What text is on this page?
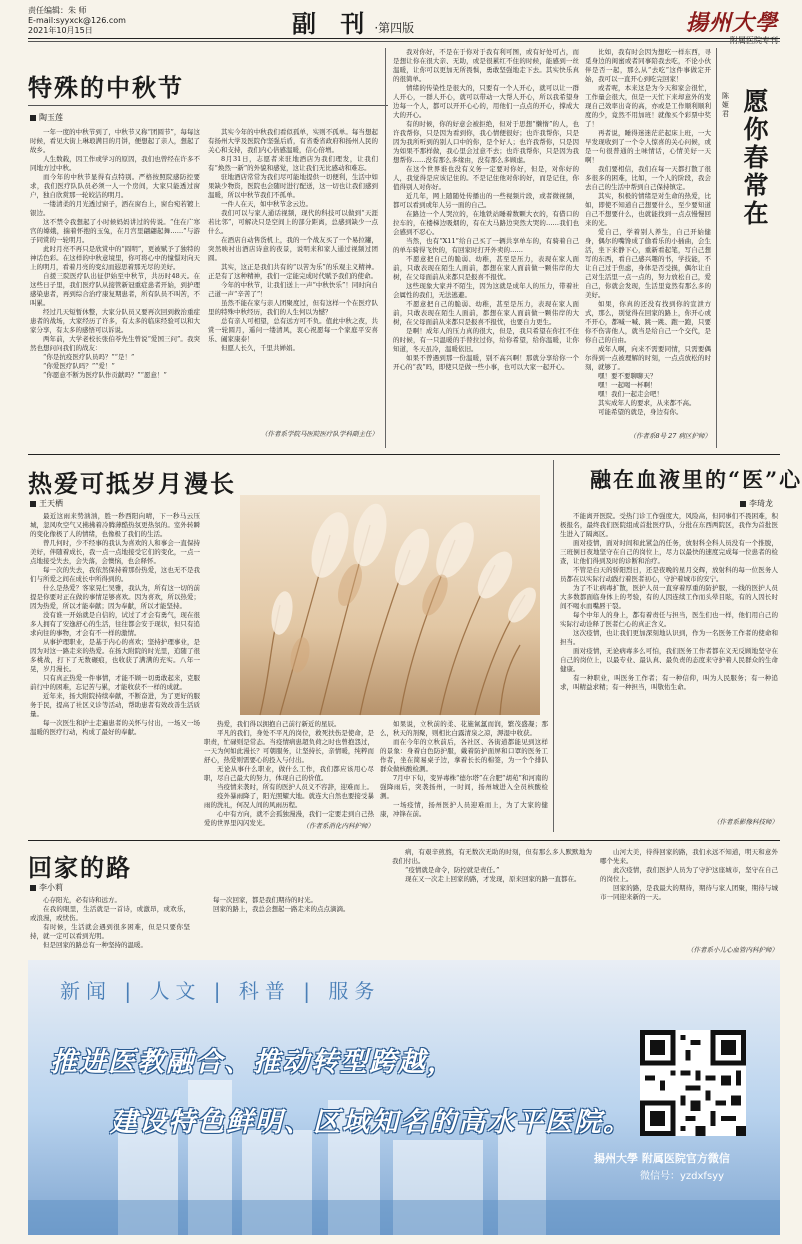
责任编辑：朱 师
E-mail:syyxck@126.com
2021年10月15日	副 刊 ·第四版	揚州大學
附属医院专刊
特殊的中秋节
陶玉莲

一年一度的中秋节到了，中秋节又称“团圆节”，每每这时候，看见大街上琳琅满目的月饼，便想起了亲人，想起了故乡。

人生数载，因工作或学习的原因，我们也曾经在许多不同地方过中秋。

而今年的中秋节显得有点特别。严格按照院感防控要求，我们医疗队队员必须一人一个房间，大家只能透过窗户，独自欣赏那一轮皎洁的明月。

一缕清柔的月光透过窗子，洒在窗台上，窗台宛若镀上银边。

这不禁令我想起了小时候妈妈讲过的传说。“住在广寒宫的嫦娥，揣着怀抱的玉兔，在月宫里翩翩起舞……”与游子同赏的一轮明月。

此时月亮不再只是欣赏中的“圆明”，更被赋予了独特的神话色彩。在这样的中秋意境里，你可将心中的憧憬对向天上的明月，看着月亮的变幻而遐思着那无尽的美好。

自援三院医疗队出征伊始至中秋节，共历时48天。在这些日子里，我们医疗队从接管新冠重症患者开始，到护理感染患者，再到综合治疗康复期患者，所有队员不叫苦，不叫累。

经过几天短暂休整，大家分队员又要再次回到救治重症患者的战场，大家经历了许多，有太多的临床经验可以和大家分享，有太多的感悟可以诉说。

两年前，大学老校长张伯苓先生曾说“爱国三问”。我突然也想问问我们的战友：

“你是抗疫医疗队员吗？”“是！”

“你爱医疗队吗？”“爱！”

“你愿意不断为医疗队作贡献吗？”“愿意！”

其实今年的中秋我们看似孤单，实则不孤单。每当想起有扬州大学及医院作坚强后盾，有省委省政府和扬州人民的关心和支持，我们内心倍感温暖，信心倍增。

8月31日，志愿者来驻地酒店为我们理发，让我们有“焕然一新”的外貌和感觉，这让我们无比感动和难忘。

驻地酒店常常为我们尽可能地提供一切便利，生活中如果缺少物资，医院也会随时进行配送，这一切也让我们感到温暖，所以中秋节我们不孤单。

一件人在天，如中秋节念云边。

我们可以与家人通话视频，现代的科技可以做到“天涯若比邻”，可解决只是空间上的部分距离，总感到缺少一点什么。

在酒店自动售货机上，我的一个战友买了一个易拉罐，突然映衬出酒店诗意的夜景，说明来和家人通过视频过团圆。

其实，这正是我们共有的“以苦为乐”的乐观主义精神。正是有了这种精神，我们一定能完成时代赋予我们的使命。

今年的中秋节，让我们送上一声“中秋快乐”！同时向自己道一声“辛苦了”！

虽然不能在家与亲人团聚度过，但有这样一个在医疗队里的特殊中秋经历，我们的人生何以为憾？

总有亲人可相望，总有远方可不负。值此中秋之夜，共赏一轮圆月，遥问一缕清风，衷心祝愿每一个家庭平安喜乐、阖家康泰！

但愿人长久，千里共婵娟。

（作者系学院马医院医疗队学科副主任）

我对你好，不是在于你对于我有利可图，或有好处可占，而是想让你在很大亲、无助，或是很累红不住的时候，能感到一丝温暖，让你可以更加无所畏惧，勇敢坚强地走下去。其实快乐真的很简单。

情绪的传染性是很大的，只要有一个人开心，就可以让一群人开心，一群人开心，就可以带动一大帮人开心，所以我希望身边每一个人，都可以开开心心的，用他们一点点的开心，撑成大大的开心。

有的时候，你的好意会被拒绝，但对于思想“懒惰”的人，也许我帮你，只是因为看到你，我心情便很好；也许我帮你，只是因为我所听到的别人口中的你，是个好人；也许我帮你，只是因为如果不那样做，我心里会过意不去；也许我帮你，只是因为我想帮你……没有那么多缘由，没有那么多顾虑。

在这个世界谁也没有义务一定要对你好，但是，对你好的人，我觉得是应该记住的。不是记住他对你的好，而是记住，你值得别人对你好。

近几年，网上随随处传播出的一些视频片段，或者微视频，都可以看到或年人另一面的自己。

在路边一个人哭泣的，在地铁站睡着数颗大衣的，有借口的拉车的，在楼梯边吸烟的，有在大马路边突然大哭的……我们也会感到不忍心。

当然，也有“X11”给自己买了一辆共享单车的，有骑着自己的单车骑得飞快的，有回家时打开外卖的……

不愿意把自己的脆弱、幼稚，甚至是压力，表现在家人面前，只敢表现在陌生人面前，都想在家人面前做一颗伟岸的大树，在父母面前从来都只是报喜不报忧。

这些现象大家并不陌生，因为这就是成年人的压力，带着社会属性的我们，无法逃避。

不愿意把自己的脆弱、幼稚，甚至是压力，表现在家人面前，只敢表现在陌生人面前，都想在家人面前做一颗伟岸的大树，在父母面前从来都只是报喜不报忧，也要自力更生。

是啊！成年人的压力真的很大，但是，我只希望在你扛不住的时候，有一只温暖的手替拉过你，给你希望，给你温暖，让你知道，冬天虽冷，温暖依旧。

如果不曾遇到那一份温暖，别不高兴啊！那就分享给你一个开心的“我”吗，即使只是做一些小事，也可以大家一起开心。

比如，我有时会因为想吃一样东西，寻觅身边的闺蜜或者同事陪我去吃，不论小伙伴是否一起，那么从“去吃”这件事做定开始，我可以一直开心到吃完回家！

或者呢，本来这是为今天和家会很忙，工作量会很大，但是一天忙下来却意外的发现自己效率出奇的高，亦或是工作顺利顺利度的少，竟然不用加班！就像买个彩票中奖了！

再者说，睡得迷迷茫茫起床上班，一大早发现收到了一个令人惊喜的关心问候，或是一句很普通的土味情话，心情美好一天啊！

我们要相信，我们在每一天都打散了很多很多的困难，比如，一个人的阶段，我会去自己的生活中帮到自己保持镇定。

其实，积极的情绪是对生命的热爱，比如，即使不知道自己想要什么，至少要知道自己不想要什么，也就能找到一点点慢慢回来的光。

爱自己，学着别人养生，自己开始健身，偶尔的嘴馋成了偷看乐的小插曲，会生活，坐下来静下心，重新看起笔，写自己想写的东西，看自己感兴趣的书，学技能，不让自己过于焦虑，身体是否受损，偶尔让自己对生活里一点一点的，努力放松自己，爱自己，你就会发现，生活里竟然有那么多的美好。

如果，你真的还没有找到你的宣泄方式，那么，别觉得在回家的路上，你开心或不开心，都喊一喊、跳一跳、跑一跑，只要你不伤害他人，就当是给自己一个交代，是你自己的自由。

成年人啊，向来不需要同情，只需要偶尔得到一点被理解的时刻，一点点放松的时刻，就够了。

嘿！要不要聊聊天？

嘿！一起喝一杯啊！

嘿！我们一起走会吧！

其实成年人的要求，从来都不高。

可能希望的就是，身边有你。

（作者系8号 27 病区护师）
愿你春常在
陈姬君
热爱可抵岁月漫长
王天栖

最近这雨来势汹汹，胜一秒西阳向晴，下一秒马云压城，忽风吹空气又拂拂着冷腾薄酷热氛更热氛的。室外转瞬的变化像极了人的情绪，也像极了我们的生活。

曾几何时，少不经事的我认为喜欢的人和事会一直保持美好，伴随着成长，我一点一点地接受它们的变化，一点一点地接受失去，会失落，会懊恼，也会释怀。

每一次的失去，我依然保持着那份热爱，这也无不是我们与所爱之间在成长中所得到的。

什么是热爱？客家晃仁吴雅，我认为，所有这一切的前提是你要对正在做的事情足够喜欢。因为喜欢，所以热爱；因为热爱，所以才能奉献；因为奉献，所以才能坚持。

没有谁一开始就是自信的，试过了才会有勇气，现在很多人拥有了安逸舒心的生活，往往都会安于现状，但只有追求向往的事物，才会有不一样的激情。

从事护理职业，是基于内心的喜欢；坚持护理事业，是因为对这一路走来的热爱。在扬大附院的时光里，追随了很多桃战，打下了无数碾痕，也收获了满满的充实。八年一晃，岁月漫长。

只有真正热爱一件事情，才能不顾一切勇敢起来，克服前行中的困难，忘记苦与累，才能收获不一样的成就。

近年来，扬大附院持续奉献，不断奋进，为了更好的服务于民，提高了社区义诊等活动，帮助患者有效改善生活质量。

每一次医生和护士走遍患者的关怀与付出，一场又一场温暖的医疗行动，构成了最好的奉献。

热爱，我们得以拥抱自己前行新近的星辰。

平凡的我们，身处不平凡的岗位，救死扶伤是使命，是职责，忙碌则是常态。当疫情病患超负荷之时也曾抱怨过，一天为何如此漫长？可朝服务，让坚持长，亲情暖，纯粹而舒心，热爱则需要心的投入与付出。

无论从事什么职业，做什么工作，我们都应该用心尽职，尽自己最大的努力，体现自己的价值。

当疫情来袭时，所有的医护人员义不容辞，迎难而上。

疫外暴雨降了，阳光照耀大地。就连大自然也要接受暴雨的洗礼，何况人间的风雨历程。

心中有方向，就不会孤独漫漫，我们一定要走到自己热爱的世界里闪闪发光。	（作者系消化内科护师）

如果说，立秋前的柔、花施氤氲而润，繁茂盛凝；那么，秋天的剂聚，则相比白露清泉之凉，溽湿中收获。

而在今年的立秋前后，各社区、各街道都能见到这样的景象：身着白色防护服，戴着防护面屏和口罩的医务工作者，坐在简易桌子边，拿着长长的棉签，为一个个排队群众做核酸检测。

7月中下旬，变异毒株“德尔塔”在合肥“胡苑”和河南的强降雨后，突袭扬州，一时间，扬州城进入全员核酸检测。

一场疫情，扬州医护人员迎难而上，为了大家的健康，冲锋在前。

融在血液里的“医”心
李琦龙

不能离开医院。受热门诊工作强度大，风险高，但同事们不畏困难，积极报名，最终我们医院组成首批医疗队，分批在东西两院区，我作为首批医生进入了隔离区。

面对疫情，面对时间和此紧急的任务，放射科全科人员没有一个推脱，三班倒日夜地坚守在自己的岗位上，尽力以最快的速度完成每一位患者的检查，让他们得到及时的诊断和治疗。

不管是白天的骄阳烈日，还是夜晚的星月交辉，放射科的每一位医务人员都在以实际行动践行着医者初心，守护着城市的安宁。

为了不让病毒扩散，医护人员一直穿着厚重的防护服，一线的医护人员大多数都面临身体上的考验，有的人因连续工作而头晕目眩，有的人因长时间不喝水而嘴唇干裂。

每个中年人的身上，都有着责任与担当，医生们也一样，他们用自己的实际行动诠释了医者仁心的真正含义。

这次疫情，也让我们更加深刻地认识到，作为一名医务工作者的使命和担当。

面对疫情，无论病毒多么可怕，我们医务工作者都在义无反顾地坚守在自己的岗位上，以最专业、最认真、最负责的态度来守护着人民群众的生命健康。

有一种职业，叫医务工作者；有一种信仰，叫为人民服务；有一种追求，叫精益求精；有一种担当，叫敬佑生命。

（作者系影像科技师）
回家的路
李小莉

心存阳光，必有诗和远方。

在我的眼里，生活就是一首诗，或激昂，或欢乐，或浪漫，或忧伤。

有时候，生活就会遇到很多困难，但是只要你坚持，就一定可以看到光明。

但是回家的路总有一种坚持的温暖。

每一次回家，都是我们期待的时光。

回家的路上，我总会想起一路走来的点点滴滴。

病，有艰辛煎熬，有无数次无助的时刻，但有那么多人默默地为我们付出。

“疫情就是命令，防控就是责任。”

现在又一次走上回家的路，才发现，原来回家的路一直都在。

山河大美，待得回家的路，我们永远不知道，明天和意外哪个先来。

此次疫情，我们医护人员为了守护这座城市，坚守在自己的岗位上。

回家的路，是我最大的期待，期待与家人团聚，期待与城市一同迎来新的一天。

（作者系小儿心血管内科护师）
新闻 | 人文 | 科普 | 服务
推进医教融合、推动转型跨越，
建设特色鲜明、区域知名的高水平医院。
揚州大學 附属医院官方微信
微信号：yzdxfsyy
